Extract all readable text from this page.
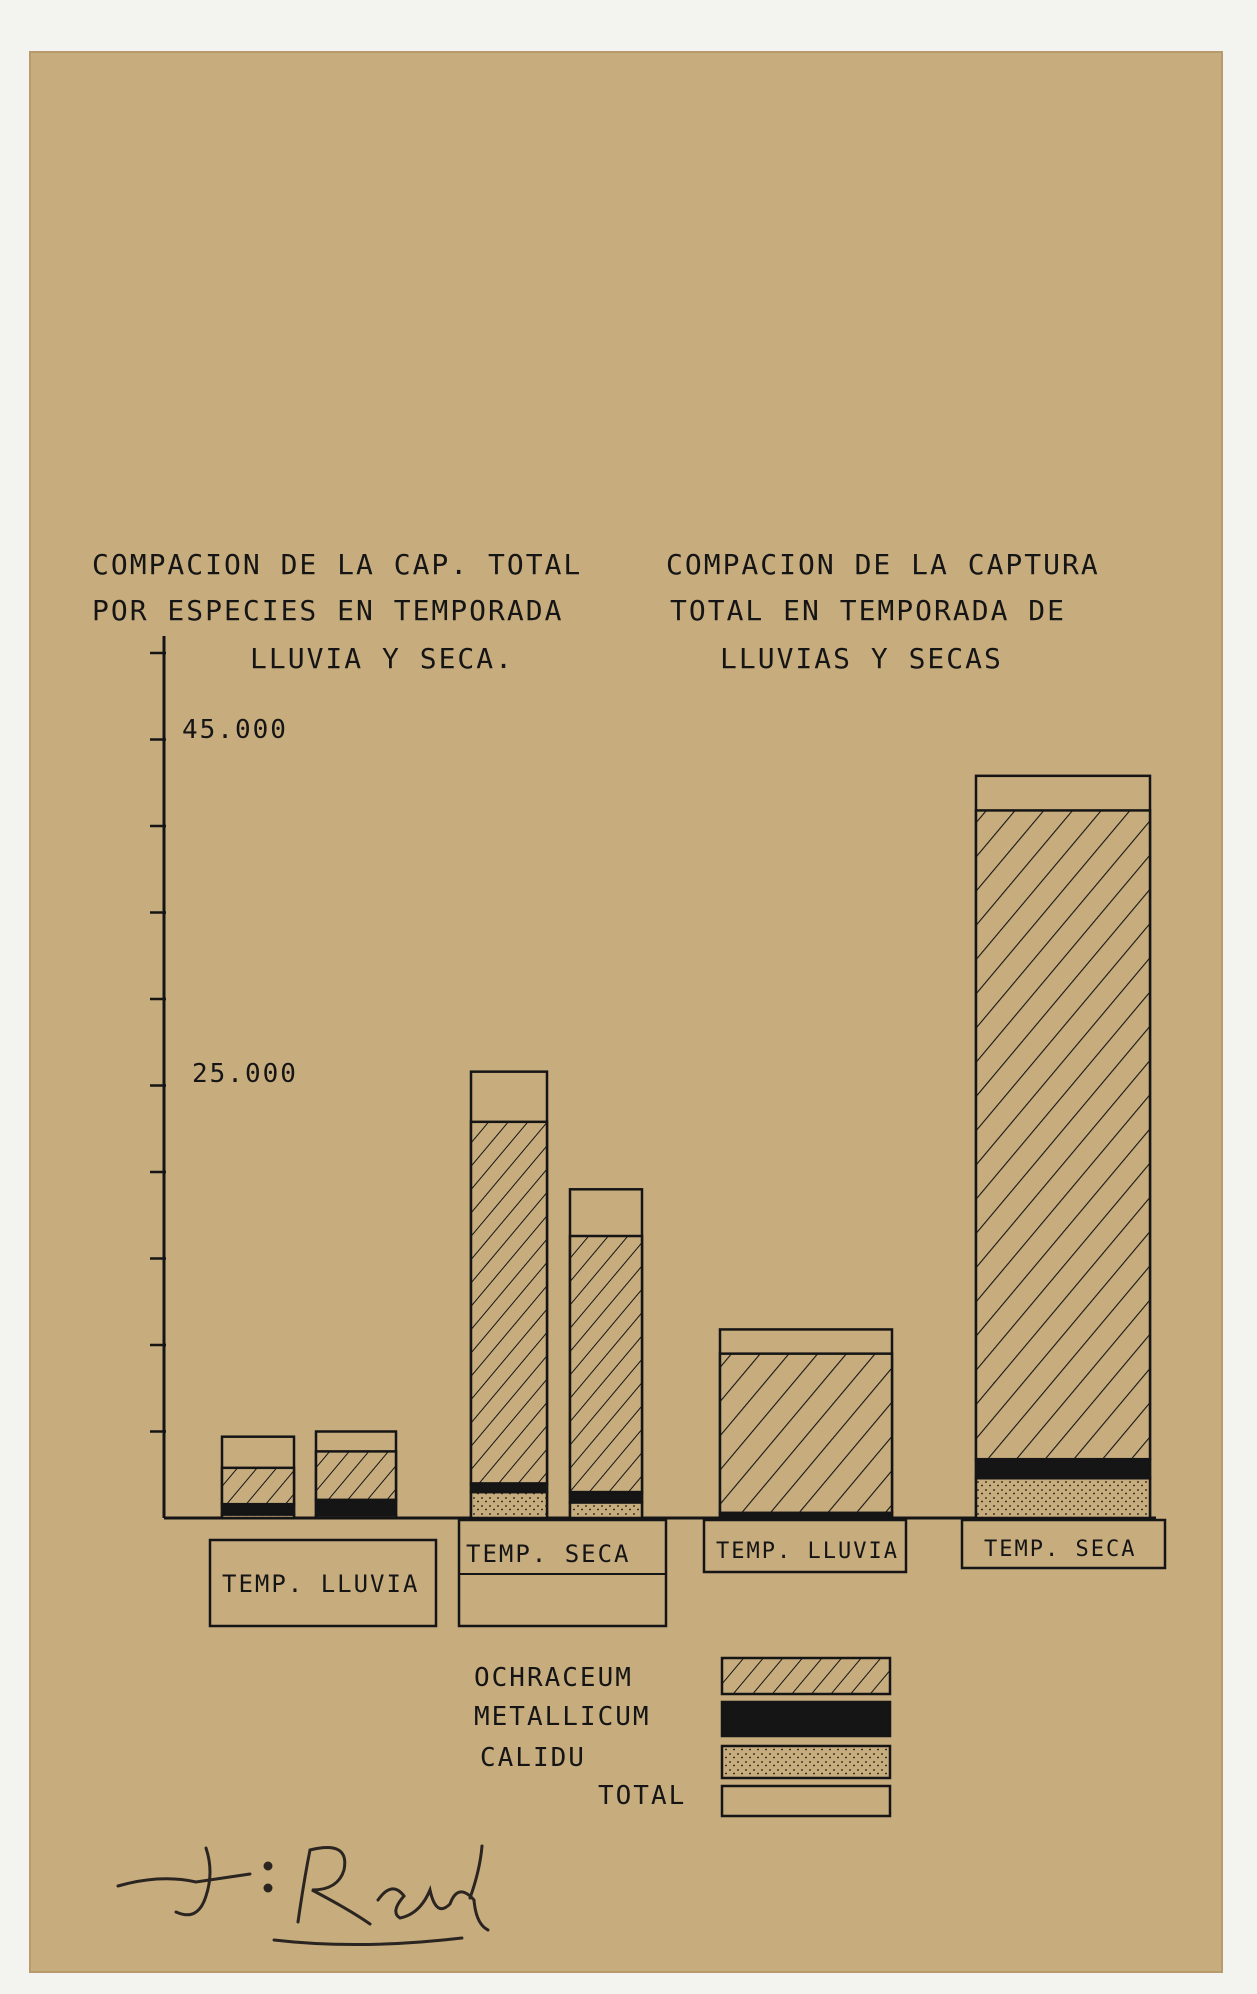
COMPACION DE LA CAP. TOTAL
POR ESPECIES EN TEMPORADA
LLUVIA Y SECA.
COMPACION DE LA CAPTURA
TOTAL EN TEMPORADA DE
LLUVIAS Y SECAS
45.000
25.000
TEMP. LLUVIA
TEMP. SECA	TEMP. LLUVIA	TEMP. SECA
OCHRACEUM
METALLICUM
CALIDU
TOTAL
